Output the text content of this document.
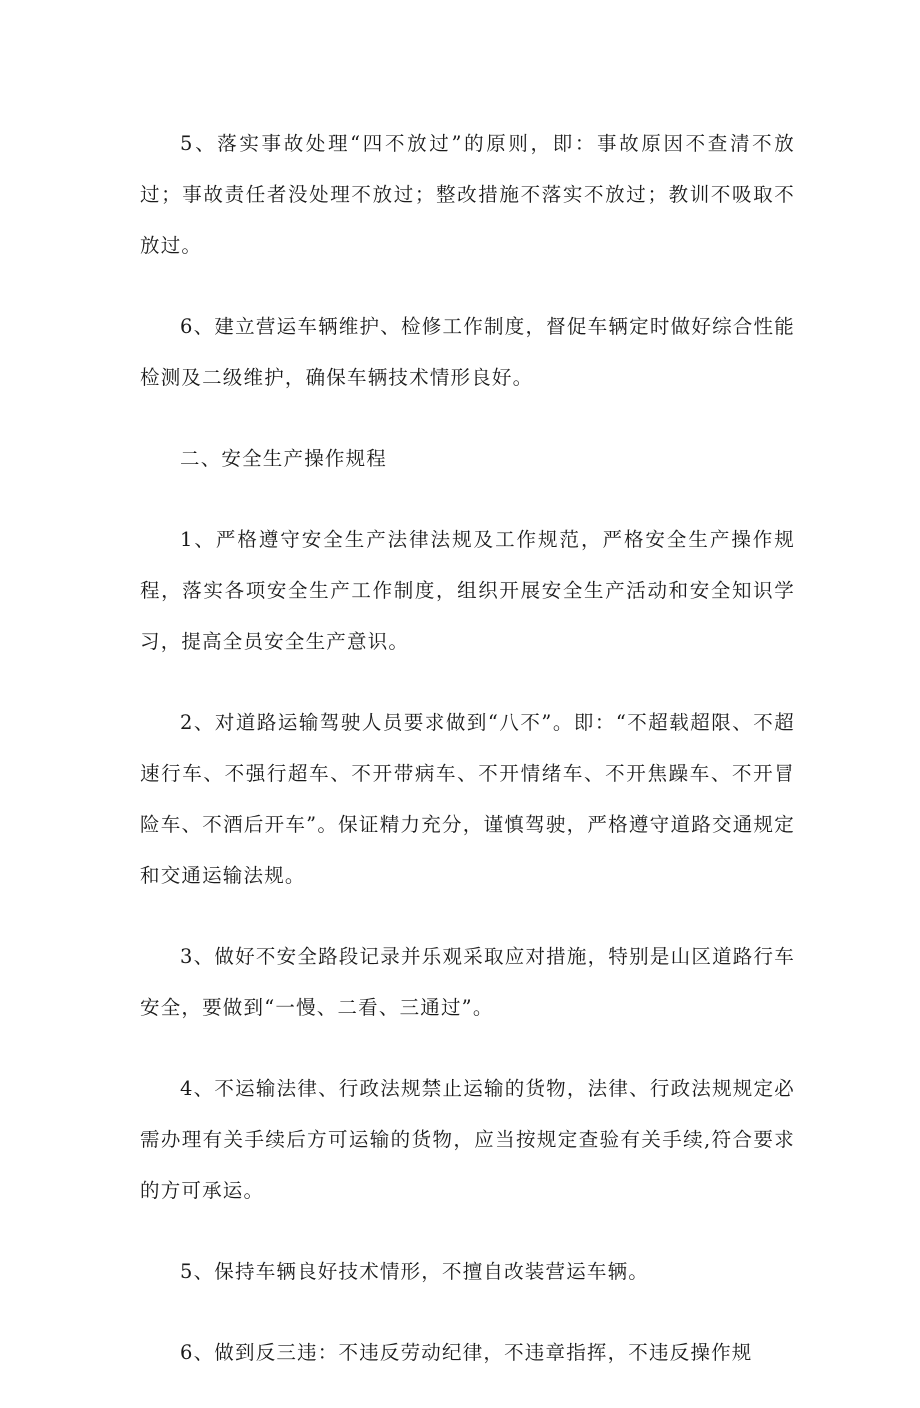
5、落实事故处理“四不放过”的原则，即：事故原因不查清不放过；事故责任者没处理不放过；整改措施不落实不放过；教训不吸取不放过。

6、建立营运车辆维护、检修工作制度，督促车辆定时做好综合性能检测及二级维护，确保车辆技术情形良好。

二、安全生产操作规程

1、严格遵守安全生产法律法规及工作规范，严格安全生产操作规程，落实各项安全生产工作制度，组织开展安全生产活动和安全知识学习，提高全员安全生产意识。

2、对道路运输驾驶人员要求做到“八不”。即：“不超载超限、不超速行车、不强行超车、不开带病车、不开情绪车、不开焦躁车、不开冒险车、不酒后开车”。保证精力充分，谨慎驾驶，严格遵守道路交通规定和交通运输法规。

3、做好不安全路段记录并乐观采取应对措施，特别是山区道路行车安全，要做到“一慢、二看、三通过”。

4、不运输法律、行政法规禁止运输的货物，法律、行政法规规定必需办理有关手续后方可运输的货物，应当按规定查验有关手续,符合要求的方可承运。

5、保持车辆良好技术情形，不擅自改装营运车辆。

6、做到反三违：不违反劳动纪律，不违章指挥，不违反操作规
